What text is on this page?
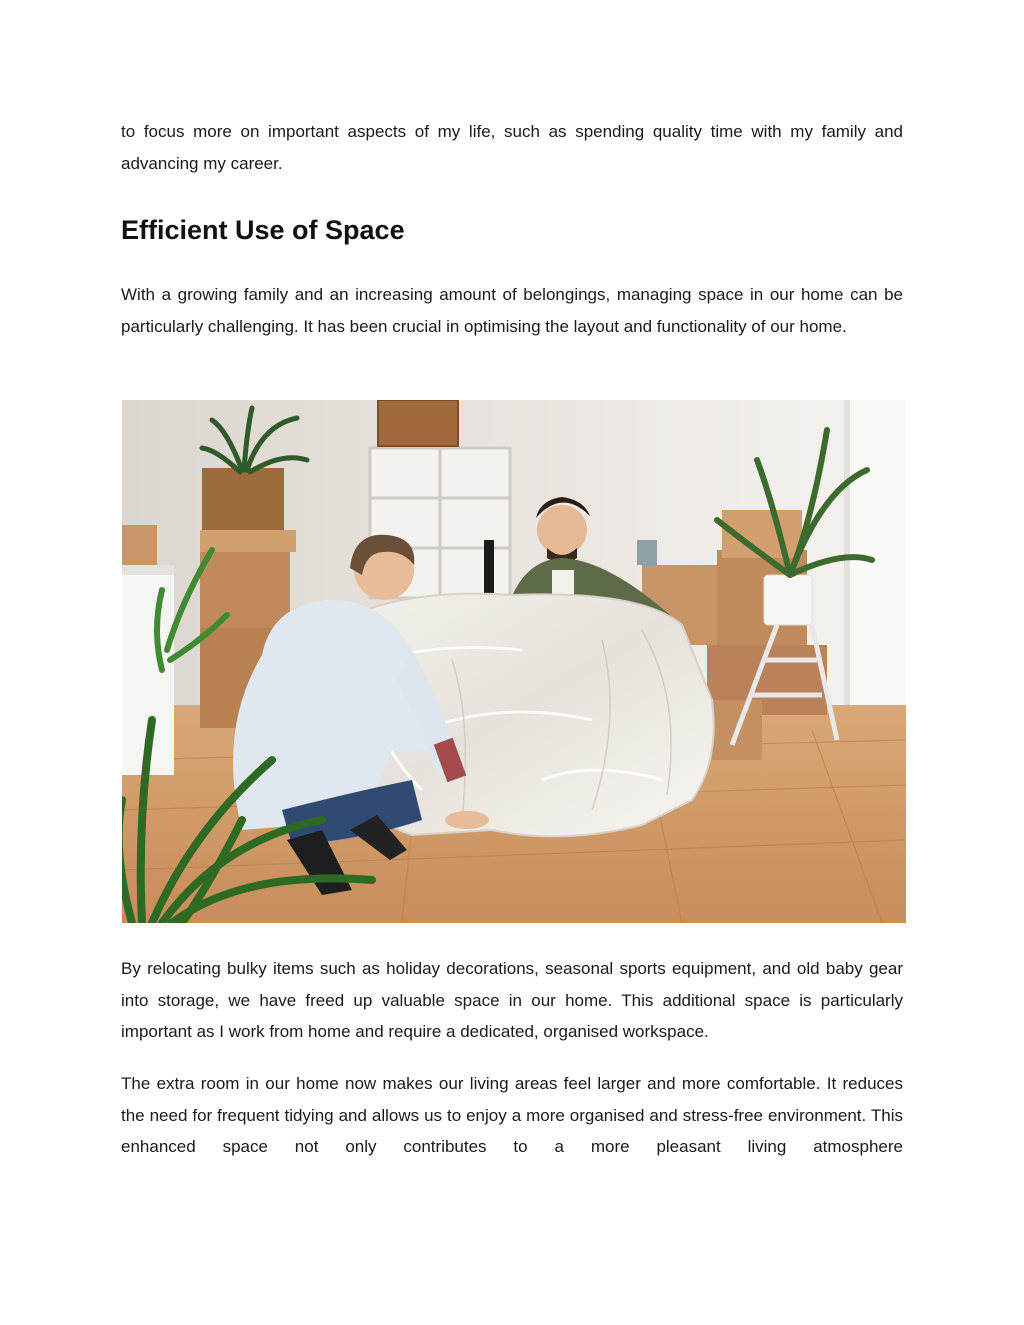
to focus more on important aspects of my life, such as spending quality time with my family and advancing my career.

Efficient Use of Space

With a growing family and an increasing amount of belongings, managing space in our home can be particularly challenging. It has been crucial in optimising the layout and functionality of our home.

By relocating bulky items such as holiday decorations, seasonal sports equipment, and old baby gear into storage, we have freed up valuable space in our home. This additional space is particularly important as I work from home and require a dedicated, organised workspace.

The extra room in our home now makes our living areas feel larger and more comfortable. It reduces the need for frequent tidying and allows us to enjoy a more organised and stress-free environment. This enhanced space not only contributes to a more pleasant living atmosphere
